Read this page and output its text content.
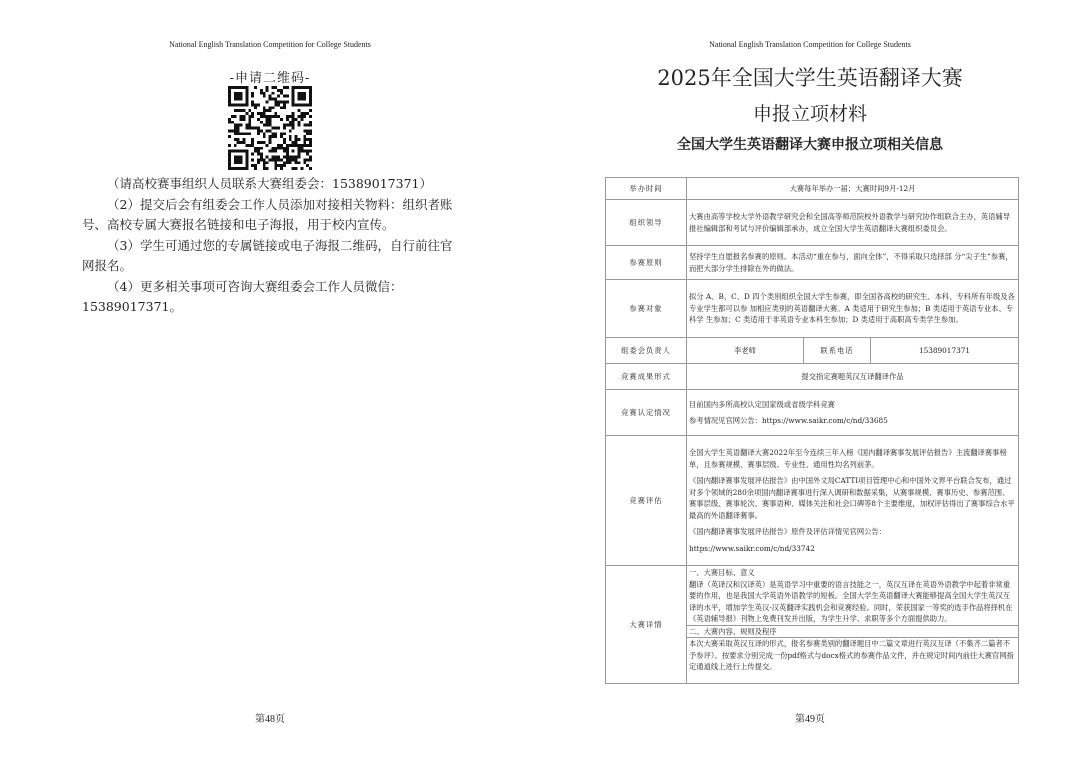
National English Translation Competition for College Students
-申请二维码-

（请高校赛事组织人员联系大赛组委会：15389017371）

（2）提交后会有组委会工作人员添加对接相关物料：组织者账号、高校专属大赛报名链接和电子海报，用于校内宣传。

（3）学生可通过您的专属链接或电子海报二维码，自行前往官网报名。

（4）更多相关事项可咨询大赛组委会工作人员微信：

15389017371。

第48页
National English Translation Competition for College Students
2025年全国大学生英语翻译大赛
申报立项材料
全国大学生英语翻译大赛申报立项相关信息
举办时间	大赛每年举办一届；大赛时间9月-12月		
组织领导	大赛由高等学校大学外语教学研究会和全国高等师范院校外语教学与研究协作组联合主办，英语辅导报社编辑部和考试与评价编辑部承办，成立全国大学生英语翻译大赛组织委员会。		
参赛原则	坚持学生自愿报名参赛的原则。本活动“重在参与，面向全体”，不得采取只选择部 分“尖子生”参赛，而把大部分学生排除在外的做法。		
参赛对象	拟分 A、B、C、D 四个类别组织全国大学生参赛，即全国各高校的研究生、本科、专科所有年级及各专业学生都可以参 加相应类别的英语翻译大赛。A 类适用于研究生参加；B 类适用于英语专业本、专科学 生参加；C 类适用于非英语专业本科生参加；D 类适用于高职高专类学生参加。		
组委会负责人	李老师	联系电话	15389017371
竞赛成果形式	提交指定赛题英汉互译翻译作品		
竞赛认定情况	目前国内多所高校认定国家级或省级学科竞赛

参考情况见官网公告：https://www.saikr.com/c/nd/33685		

竞赛评估	全国大学生英语翻译大赛2022年至今连续三年入榜《国内翻译赛事发展评估报告》主流翻译赛事榜单，且参赛规模、赛事层级、专业性、通用性均名列前茅。

《国内翻译赛事发展评估报告》由中国外文局CATTI项目管理中心和中国外文界平台联合发布，通过对多个领域的280余项国内翻译赛事进行深入调研和数据采集，从赛事规模、赛事历史、参赛范围、赛事层级、赛事轮次、赛事语种、媒体关注和社会口碑等8个主要维度，加权评估得出了赛事综合水平最高的外语翻译赛事。

《国内翻译赛事发展评估报告》原件及评估详情见官网公告：

https://www.saikr.com/c/nd/33742		

大赛详情	一、大赛目标、意义
翻译（英译汉和汉译英）是英语学习中重要的语言技能之一，英汉互译在英语外语教学中起着非常重要的作用，也是我国大学英语外语教学的短板。全国大学生英语翻译大赛能够提高全国大学生英汉互译的水平，增加学生英汉-汉英翻译实践机会和竞赛经验。同时，荣获国家一等奖的选手作品将择机在《英语辅导报》刊物上免费刊发并出版，为学生升学、求职等多个方面提供助力。
二、大赛内容、规则及程序
本次大赛采取英汉互译的形式，报名参赛类别的翻译题目中二篇文章进行英汉互译（不集齐二篇者不予参评）。按要求分别完成一份pdf格式与docx格式的参赛作品文件，并在规定时间内前往大赛官网指定通道线上进行上传提交。		
第49页
